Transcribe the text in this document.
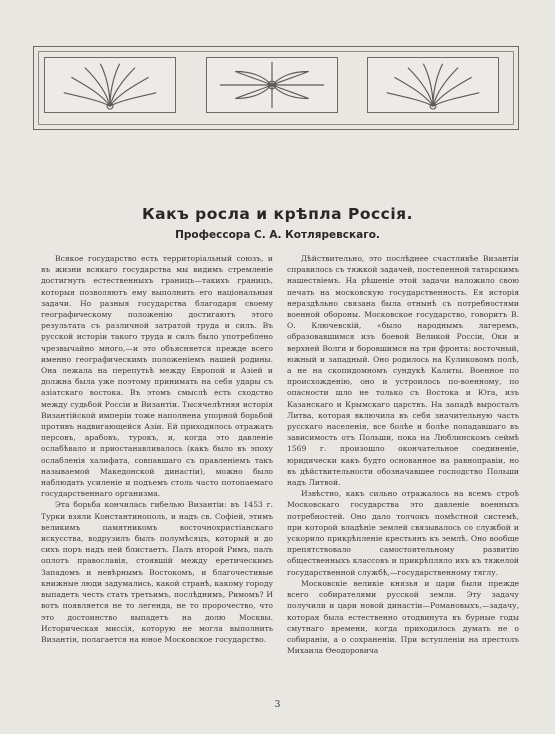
Какъ росла и крѣпла Россія.
Профессора С. А. Котляревскаго.

Всякое государство есть территоріальный союзъ, и въ жизни всякаго государства мы видимъ стремленіе достигнуть естественныхъ границъ—такихъ границъ, которыя позволяютъ ему выполнить его національныя задачи. Но разныя государства благодаря своему географическому положенію достигаютъ этого результата съ различной затратой труда и силъ. Въ русской исторіи такого труда и силъ было употреблено чрезвычайно много,—и это объясняется прежде всего именно географическимъ положеніемъ нашей родины. Она лежала на перепутьѣ между Европой и Азіей и должна была уже поэтому принимать на себя удары съ азіатскаго востока. Въ этомъ смыслѣ есть сходство между судьбой Россіи и Византіи. Тысячелѣтняя исторія Византійской имперіи тоже наполнена упорной борьбой противъ надвигающейся Азіи. Ей приходилось отражать персовъ, арабовъ, турокъ, и, когда это давленіе ослабѣвало и приостанавливалось (какъ было въ эпоху ослабленія халифата, совпавшаго съ правленіемъ такъ называемой Македонской династіи), можно было наблюдать усиленіе и подъемъ столь часто потопаемаго государственнаго организма.

Эта борьба кончилась гибелью Византіи: въ 1453 г. Турки взяли Константинополь, и надъ св. Софіей, этимъ великимъ памятникомъ восточнохристіанскаго искусства, водрузилъ былъ полумѣсяцъ, который и до сихъ поръ надъ ней блистаетъ. Палъ второй Римъ, палъ оплотъ православія, стоявшій между еретическимъ Западомъ и невѣрнымъ Востокомъ, и благочестивые книжные люди задумались, какой странѣ, какому городу выпадетъ честь стать третьимъ, послѣднимъ, Римомъ? И вотъ появляется не то легенда, не то пророчество, что это достоинство выпадетъ на долю Москвы. Историческая миссія, которую не могла выполнить Византія, полагается на юное Московское государство.

Дѣйствительно, это послѣднее счастливѣе Византіи справилось съ тяжкой задачей, постепенной татарскимъ нашествіемъ. На рѣшеніе этой задачи наложило свою печать на московскую государственность. Ея исторія нераздѣльно связана была отнынѣ съ потребностями военной обороны. Московское государство, говоритъ В. О. Ключевскій, «было народнымъ лагеремъ, образовавшимся изъ боевой Великой Россіи, Оки и верхней Волги и боровшимся на три фронта: восточный, южный и западный. Оно родилось на Куликовомъ полѣ, а не на скопидомномъ сундукѣ Калиты. Военное по происхожденію, оно и устроилось по-военному, по опасности шло не только съ Востока и Юга, изъ Казанскаго и Крымскаго царствъ. На западѣ выросталъ Литва, которая включила въ себя значительную часть русскаго населенія, все болѣе и болѣе попадавшаго въ зависимость отъ Польши, пока на Люблинскомъ сеймѣ 1569 г. произошло окончательное соединеніе, юридически какъ будто основанное на равноправіи, но въ дѣйствительности обозначавшее господство Польши надъ Литвой.

Извѣстно, какъ сильно отражалось на всемъ строѣ Московскаго государства это давленіе военныхъ потребностей. Оно дало толчокъ помѣстной системѣ, при которой владѣніе землей связывалось со службой и ускорило прикрѣпленіе крестьянъ къ землѣ. Оно вообще препятствовало самостоятельному развитію общественныхъ классовъ и прикрѣпляло ихъ къ тяжелой государственной службѣ,—государственному тяглу.

Московскіе великіе князья и цари были прежде всего собирателями русской земли. Эту задачу получили и цари новой династіи—Романовыхъ,—задачу, которая была естественно отодвинута въ бурные годы смутнаго времени, когда приходилось думать не о собираніи, а о сохраненіи. При вступленіи на престолъ Михаила Ѳеодоровича

3
